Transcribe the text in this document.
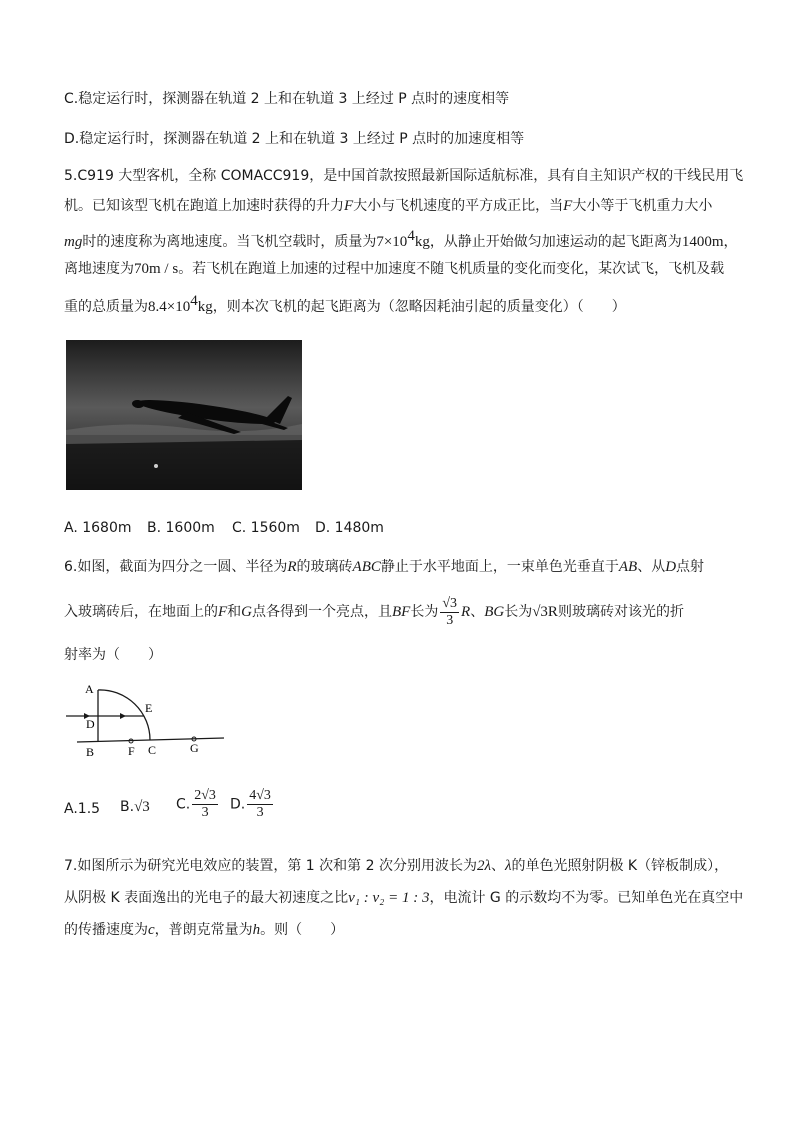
C.稳定运行时，探测器在轨道 2 上和在轨道 3 上经过 P 点时的速度相等
D.稳定运行时，探测器在轨道 2 上和在轨道 3 上经过 P 点时的加速度相等
5.C919 大型客机，全称 COMACC919，是中国首款按照最新国际适航标准，具有自主知识产权的干线民用飞
机。已知该型飞机在跑道上加速时获得的升力F大小与飞机速度的平方成正比，当F大小等于飞机重力大小
mg时的速度称为离地速度。当飞机空载时，质量为$7\times 10^4kg$，从静止开始做匀加速运动的起飞距离为1400m，
离地速度为70m / s。若飞机在跑道上加速的过程中加速度不随飞机质量的变化而变化，某次试飞，飞机及载
重的总质量为$8.4\times 10^4kg$，则本次飞机的起飞距离为（忽略因耗油引起的质量变化）（　　）
A. 1680m B. 1600m C. 1560m D. 1480m
6.如图，截面为四分之一圆、半径为R的玻璃砖ABC静止于水平地面上，一束单色光垂直于AB、从D点射
入玻璃砖后，在地面上的F和G点各得到一个亮点，且BF长为 $\frac{√3}{3}$ R、BG长为√3R则玻璃砖对该光的折
射率为（　　）
A
D
B
E
F C	G
A.1.5 B.√3 C. $\frac{2√3}{3} D$. $\frac{4√3}{3}$
7.如图所示为研究光电效应的装置，第 1 次和第 2 次分别用波长为2λ、λ的单色光照射阴极 K（锌板制成），
从阴极 K 表面逸出的光电子的最大初速度之比v₁ : v₂ = 1 : 3，电流计 G 的示数均不为零。已知单色光在真空中
的传播速度为c，普朗克常量为h。则（　　）
